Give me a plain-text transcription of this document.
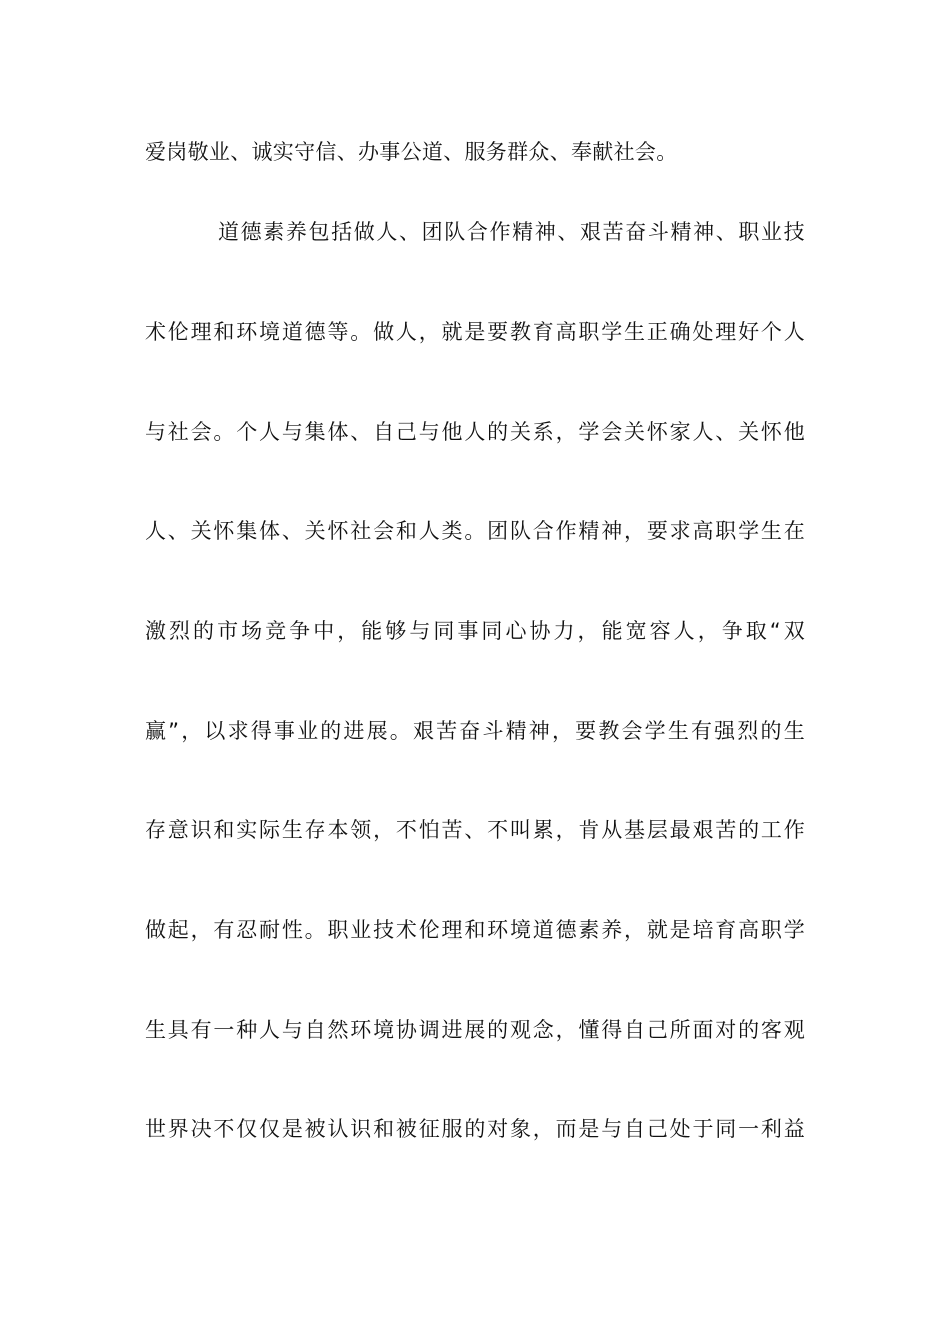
爱岗敬业、诚实守信、办事公道、服务群众、奉献社会。
道德素养包括做人、团队合作精神、艰苦奋斗精神、职业技
术伦理和环境道德等。做人，就是要教育高职学生正确处理好个人
与社会。个人与集体、自己与他人的关系，学会关怀家人、关怀他
人、关怀集体、关怀社会和人类。团队合作精神，要求高职学生在
激烈的市场竞争中，能够与同事同心协力，能宽容人，争取“双
赢”，以求得事业的进展。艰苦奋斗精神，要教会学生有强烈的生
存意识和实际生存本领，不怕苦、不叫累，肯从基层最艰苦的工作
做起，有忍耐性。职业技术伦理和环境道德素养，就是培育高职学
生具有一种人与自然环境协调进展的观念，懂得自己所面对的客观
世界决不仅仅是被认识和被征服的对象，而是与自己处于同一利益
